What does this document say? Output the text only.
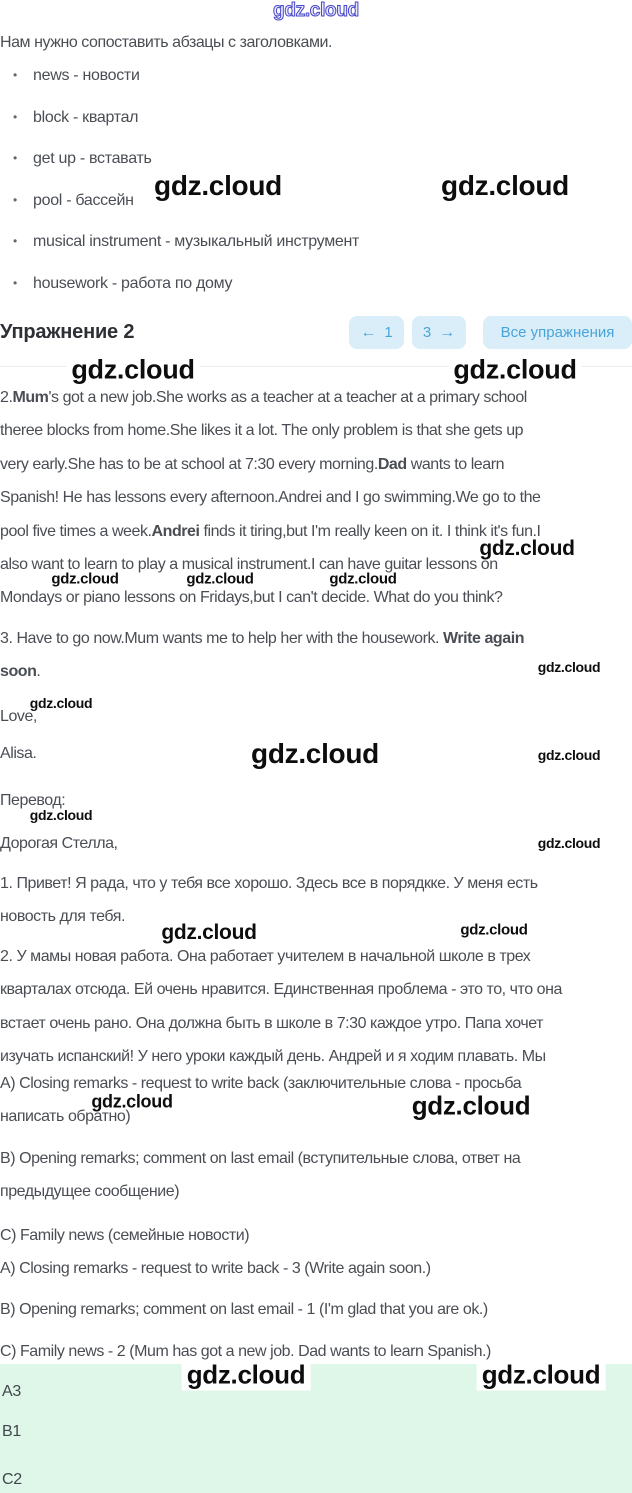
Нам нужно сопоставить абзацы с заголовками.
• news - новости
• block - квартал
• get up - вставать
• pool - бассейн
• musical instrument - музыкальный инструмент
• housework - работа по дому
Упражнение 2	← 1 3 →	Все упражнения
2.Mum's got a new job.She works as a teacher at a teacher at a primary school
theree blocks from home.She likes it a lot. The only problem is that she gets up
very early.She has to be at school at 7:30 every morning.Dad wants to learn
Spanish! He has lessons every afternoon.Andrei and I go swimming.We go to the
pool five times a week.Andrei finds it tiring,but I'm really keen on it. I think it's fun.I
also want to learn to play a musical instrument.I can have guitar lessons on
Mondays or piano lessons on Fridays,but I can't decide. What do you think?
3. Have to go now.Mum wants me to help her with the housework. Write again
soon.
Love,
Alisa.
Перевод:
Дорогая Стелла,
1. Привет! Я рада, что у тебя все хорошо. Здесь все в порядкке. У меня есть
новость для тебя.
2. У мамы новая работа. Она работает учителем в начальной школе в трех
кварталах отсюда. Ей очень нравится. Единственная проблема - это то, что она
встает очень рано. Она должна быть в школе в 7:30 каждое утро. Папа хочет
изучать испанский! У него уроки каждый день. Андрей и я ходим плавать. Мы
A) Closing remarks - request to write back (заключительные слова - просьба
написать обратно)
B) Opening remarks; comment on last email (вступительные слова, ответ на
предыдущее сообщение)
C) Family news (семейные новости)
A) Closing remarks - request to write back - 3 (Write again soon.)
B) Opening remarks; comment on last email - 1 (I'm glad that you are ok.)
C) Family news - 2 (Mum has got a new job. Dad wants to learn Spanish.)
A3
B1
C2
gdz.cloud
gdz.cloud	gdz.cloud
gdz.cloud	gdz.cloud
gdz.cloud
gdz.cloud	gdz.cloud	gdz.cloud
gdz.cloud
gdz.cloud
gdz.cloud	gdz.cloud
gdz.cloud
gdz.cloud
gdz.cloud	gdz.cloud
gdz.cloud	gdz.cloud
gdz.cloud	gdz.cloud
